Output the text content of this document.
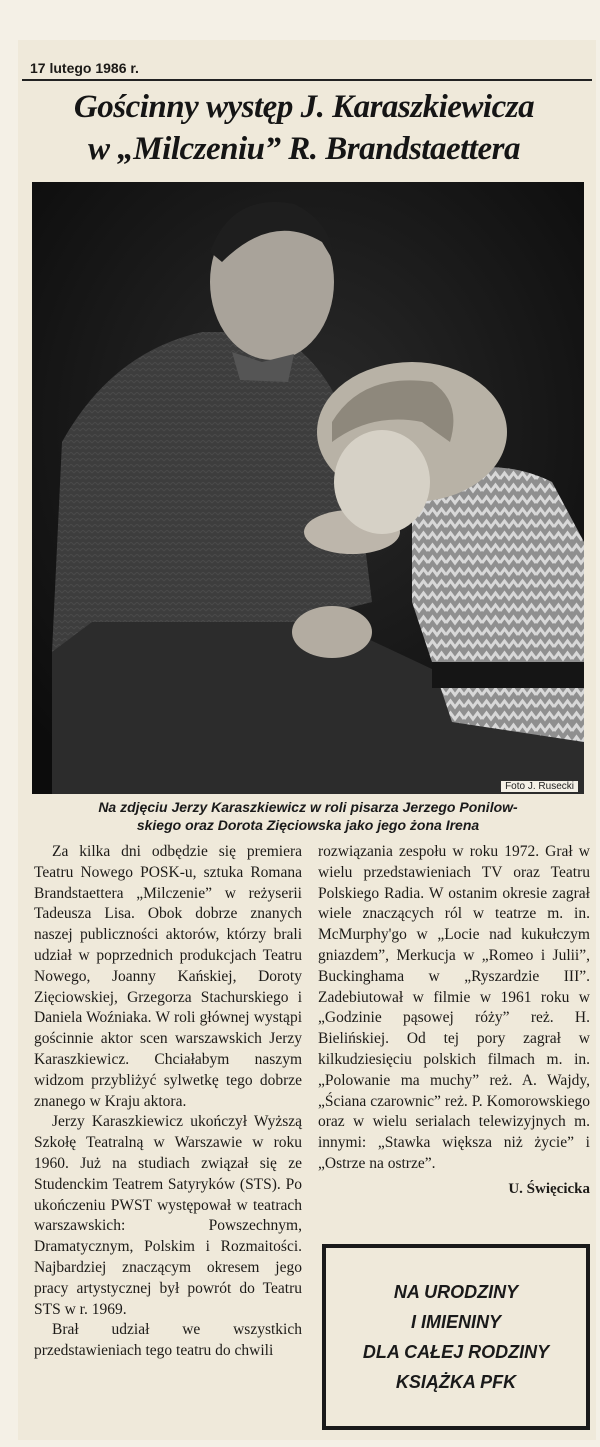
17 lutego 1986 r.
Gościnny występ J. Karaszkiewicza
w „Milczeniu” R. Brandstaettera
Foto J. Rusecki
Na zdjęciu Jerzy Karaszkiewicz w roli pisarza Jerzego Ponilow-
skiego oraz Dorota Zięciowska jako jego żona Irena

Za kilka dni odbędzie się premiera Teatru Nowego POSK-u, sztuka Romana Brandstaettera „Milczenie” w reżyserii Tadeusza Lisa. Obok dobrze znanych naszej publiczności aktorów, którzy brali udział w poprzednich produkcjach Teatru Nowego, Joanny Kańskiej, Doroty Zięciowskiej, Grzegorza Stachurskiego i Daniela Woźniaka. W roli głównej wystąpi gościnnie aktor scen warszawskich Jerzy Karaszkiewicz. Chciałabym naszym widzom przybliżyć sylwetkę tego dobrze znanego w Kraju aktora.

Jerzy Karaszkiewicz ukończył Wyższą Szkołę Teatralną w Warszawie w roku 1960. Już na studiach związał się ze Studenckim Teatrem Satyryków (STS). Po ukończeniu PWST występował w teatrach warszawskich: Powszechnym, Dramatycznym, Polskim i Rozmaitości. Najbardziej znaczącym okresem jego pracy artystycznej był powrót do Teatru STS w r. 1969.

Brał udział we wszystkich przedstawieniach tego teatru do chwili

rozwiązania zespołu w roku 1972. Grał w wielu przedstawieniach TV oraz Teatru Polskiego Radia. W ostanim okresie zagrał wiele znaczących ról w teatrze m. in. McMurphy'go w „Locie nad kukułczym gniazdem”, Merkucja w „Romeo i Julii”, Buckinghama w „Ryszardzie III”. Zadebiutował w filmie w 1961 roku w „Godzinie pąsowej róży” reż. H. Bielińskiej. Od tej pory zagrał w kilkudziesięciu polskich filmach m. in. „Polowanie ma muchy” reż. A. Wajdy, „Ściana czarownic” reż. P. Komorowskiego oraz w wielu serialach telewizyjnych m. innymi: „Stawka większa niż życie” i „Ostrze na ostrze”.

U. Święcicka
NA URODZINY
I IMIENINY
DLA CAŁEJ RODZINY
KSIĄŻKA PFK
